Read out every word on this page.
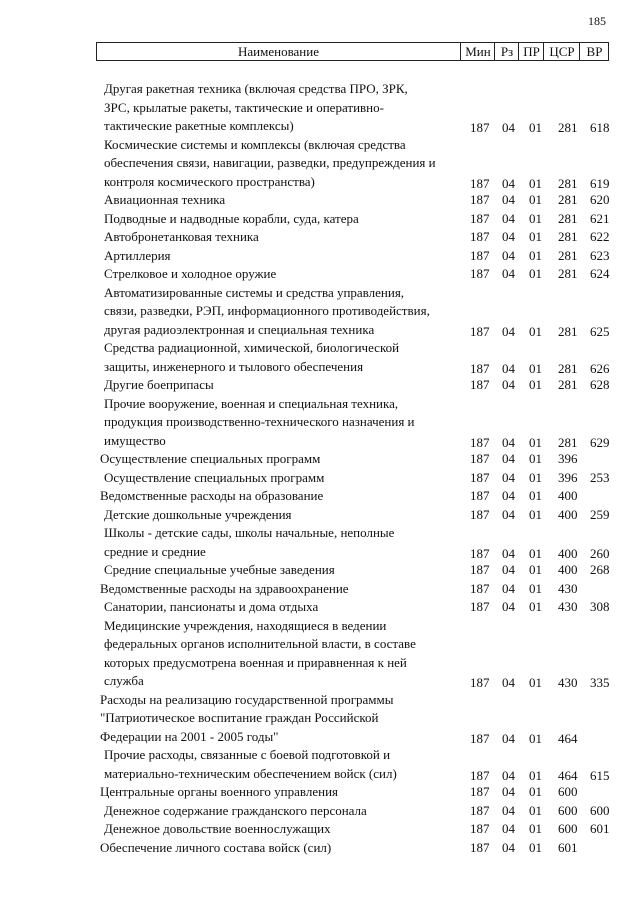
185
Наименование	Мин Рз ПР ЦСР ВР
Другая ракетная техника (включая средства ПРО, ЗРК,
ЗРС, крылатые ракеты, тактические и оперативно-
тактические ракетные комплексы)	187 04 01 281 618
Космические системы и комплексы (включая средства
обеспечения связи, навигации, разведки, предупреждения и
контроля космического пространства)	187 04 01 281 619
Авиационная техника	187 04 01 281 620
Подводные и надводные корабли, суда, катера	187 04 01 281 621
Автобронетанковая техника	187 04 01 281 622
Артиллерия	187 04 01 281 623
Стрелковое и холодное оружие	187 04 01 281 624
Автоматизированные системы и средства управления,
связи, разведки, РЭП, информационного противодействия,
другая радиоэлектронная и специальная техника	187 04 01 281 625
Средства радиационной, химической, биологической
защиты, инженерного и тылового обеспечения	187 04 01 281 626
Другие боеприпасы	187 04 01 281 628
Прочие вооружение, военная и специальная техника,
продукция производственно-технического назначения и
имущество	187 04 01 281 629
Осуществление специальных программ	187 04 01 396
Осуществление специальных программ	187 04 01 396 253
Ведомственные расходы на образование	187 04 01 400
Детские дошкольные учреждения	187 04 01 400 259
Школы - детские сады, школы начальные, неполные
средние и средние	187 04 01 400 260
Средние специальные учебные заведения	187 04 01 400 268
Ведомственные расходы на здравоохранение	187 04 01 430
Санатории, пансионаты и дома отдыха	187 04 01 430 308
Медицинские учреждения, находящиеся в ведении
федеральных органов исполнительной власти, в составе
которых предусмотрена военная и приравненная к ней
служба	187 04 01 430 335
Расходы на реализацию государственной программы
"Патриотическое воспитание граждан Российской
Федерации на 2001 - 2005 годы"	187 04 01 464
Прочие расходы, связанные с боевой подготовкой и
материально-техническим обеспечением войск (сил)	187 04 01 464 615
Центральные органы военного управления	187 04 01 600
Денежное содержание гражданского персонала	187 04 01 600 600
Денежное довольствие военнослужащих	187 04 01 600 601
Обеспечение личного состава войск (сил)	187 04 01 601
